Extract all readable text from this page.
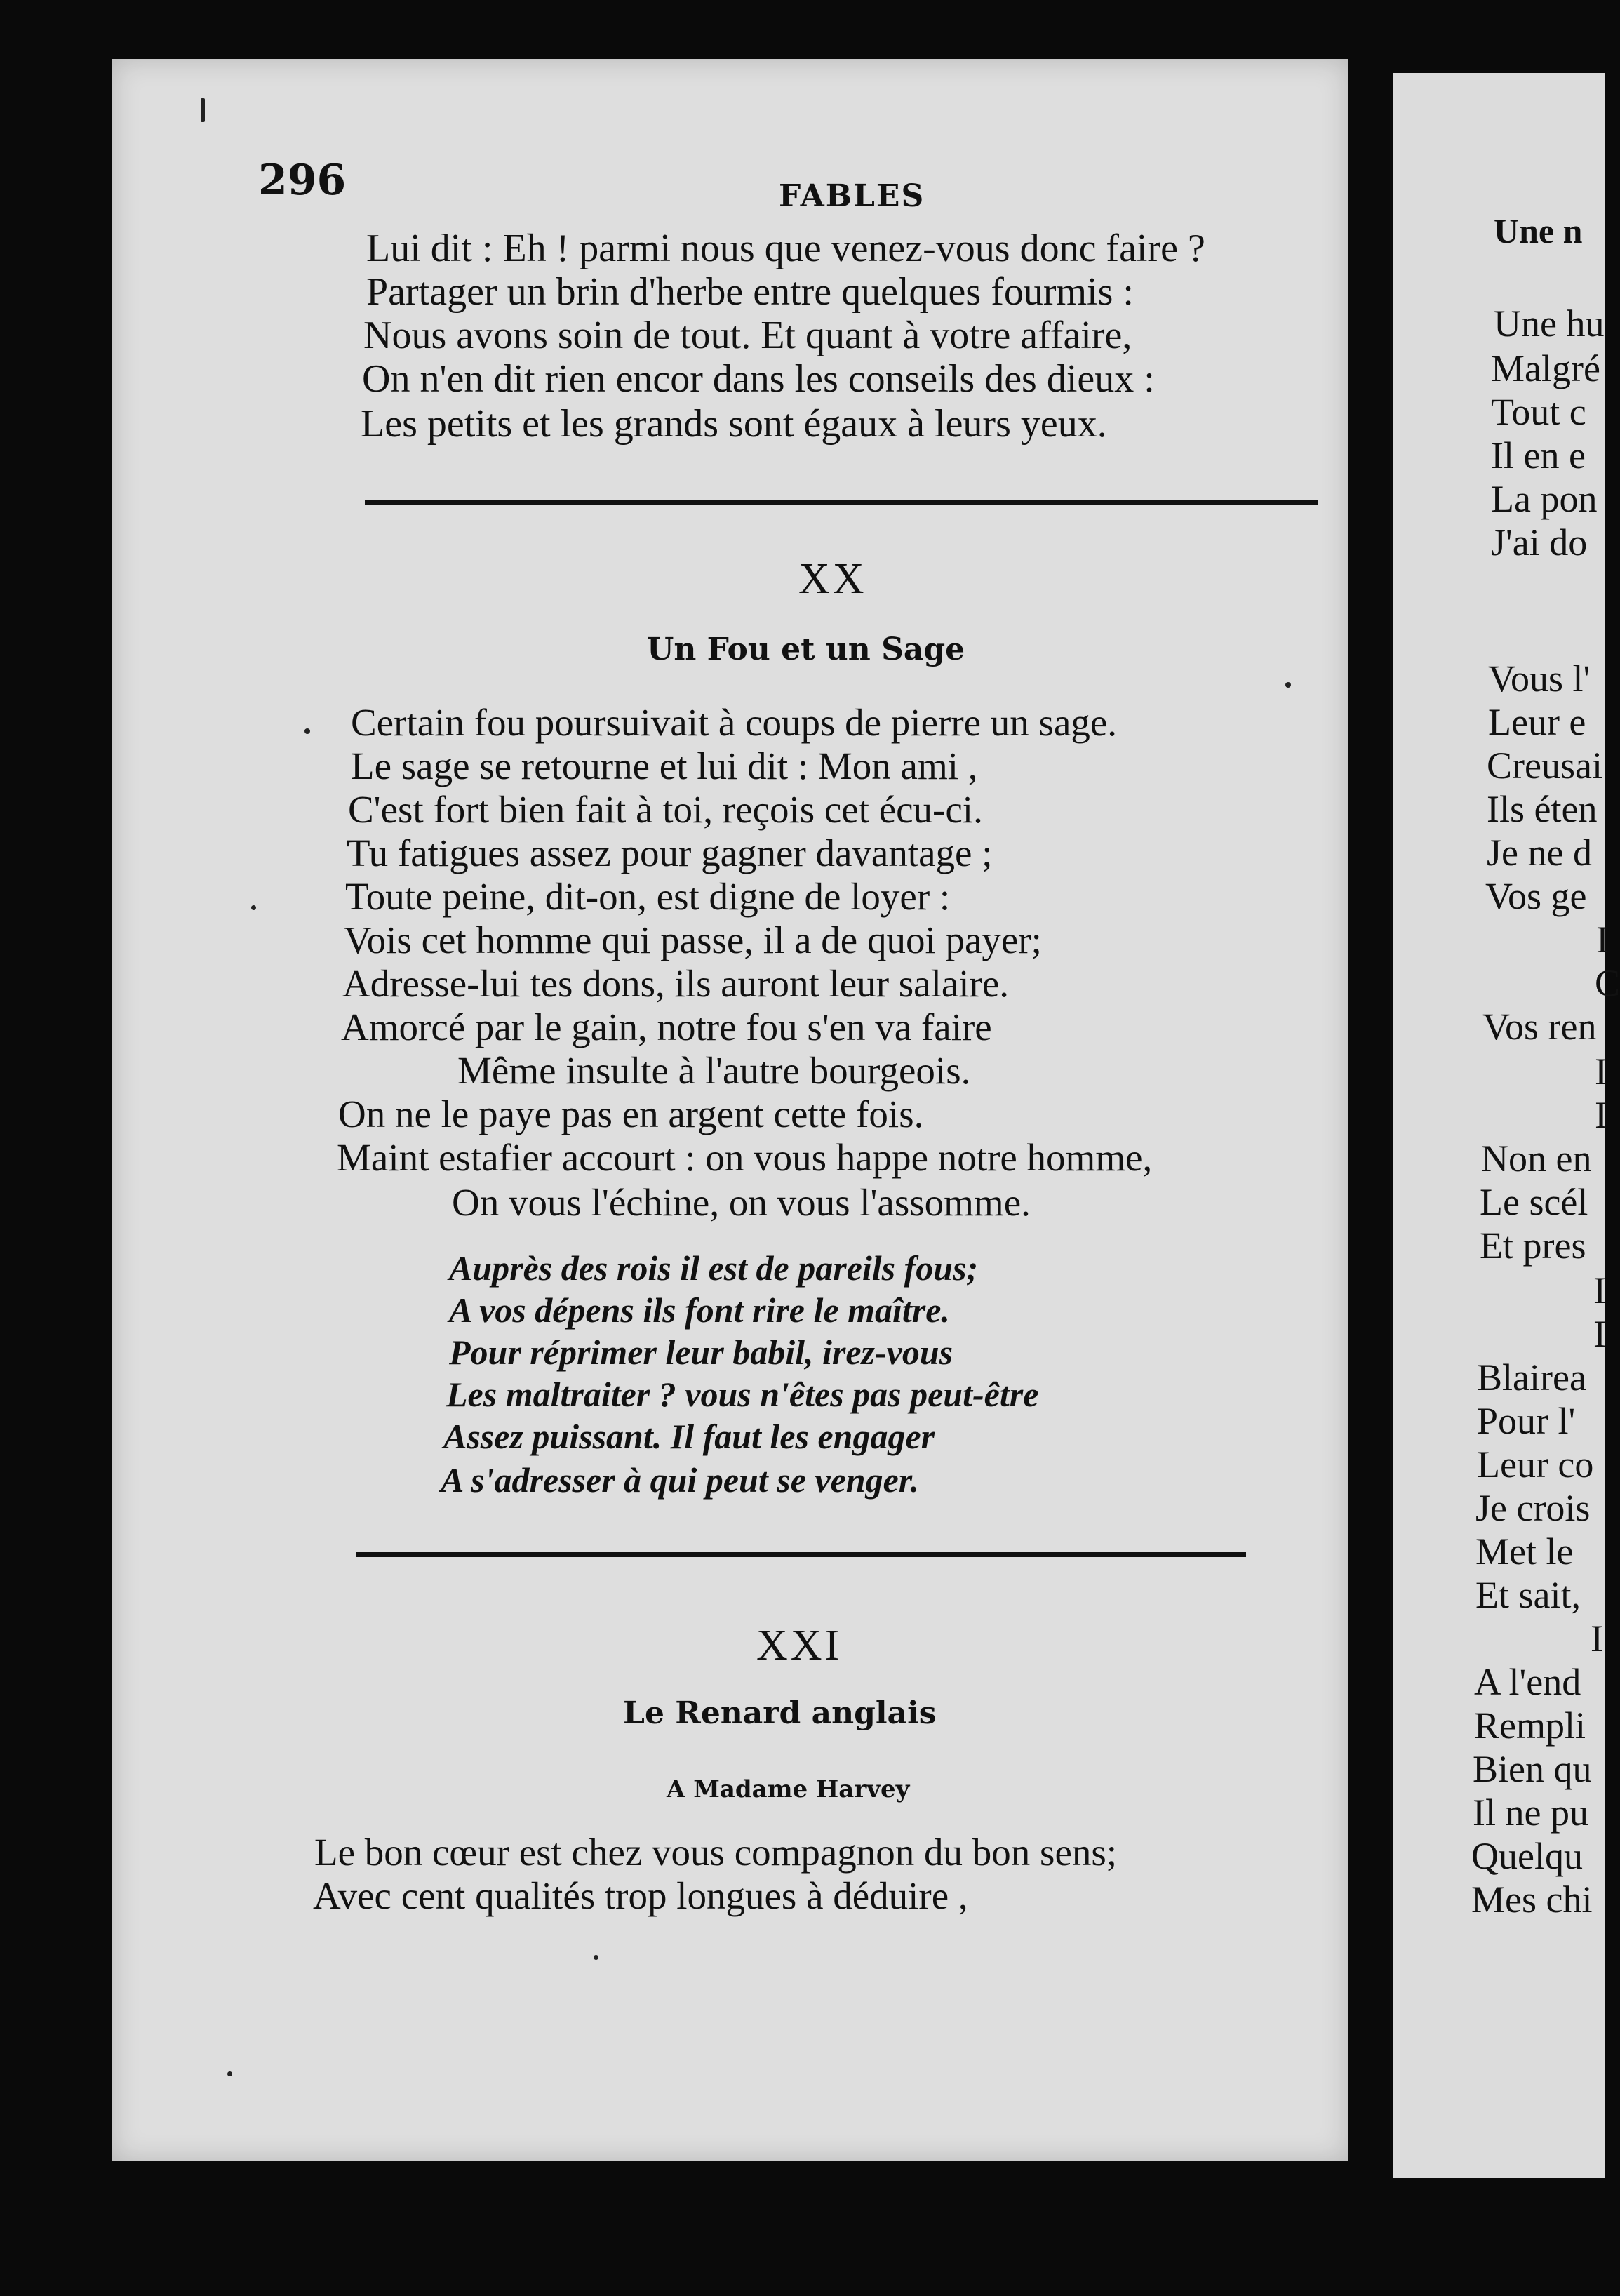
296	FABLES
Lui dit : Eh ! parmi nous que venez-vous donc faire ?
Partager un brin d'herbe entre quelques fourmis :
Nous avons soin de tout. Et quant à votre affaire,
On n'en dit rien encor dans les conseils des dieux :
Les petits et les grands sont égaux à leurs yeux.
XX
Un Fou et un Sage
Certain fou poursuivait à coups de pierre un sage.
Le sage se retourne et lui dit : Mon ami ,
C'est fort bien fait à toi, reçois cet écu-ci.
Tu fatigues assez pour gagner davantage ;
Toute peine, dit-on, est digne de loyer :
Vois cet homme qui passe, il a de quoi payer;
Adresse-lui tes dons, ils auront leur salaire.
Amorcé par le gain, notre fou s'en va faire
Même insulte à l'autre bourgeois.
On ne le paye pas en argent cette fois.
Maint estafier accourt : on vous happe notre homme,
On vous l'échine, on vous l'assomme.
Auprès des rois il est de pareils fous;
A vos dépens ils font rire le maître.
Pour réprimer leur babil, irez-vous
Les maltraiter ? vous n'êtes pas peut-être
Assez puissant. Il faut les engager
A s'adresser à qui peut se venger.
XXI
Le Renard anglais
A Madame Harvey
Le bon cœur est chez vous compagnon du bon sens;
Avec cent qualités trop longues à déduire ,
Une n
Une hu
Malgré
Tout c
Il en e
La pon
J'ai do
Vous l'
Leur e
Creusai
Ils éten
Je ne d
Vos ge
I
C
Vos ren
I
I
Non en
Le scél
Et pres
I
I
Blairea
Pour l'
Leur co
Je crois
Met le
Et sait,
I
A l'end
Rempli
Bien qu
Il ne pu
Quelqu
Mes chi
